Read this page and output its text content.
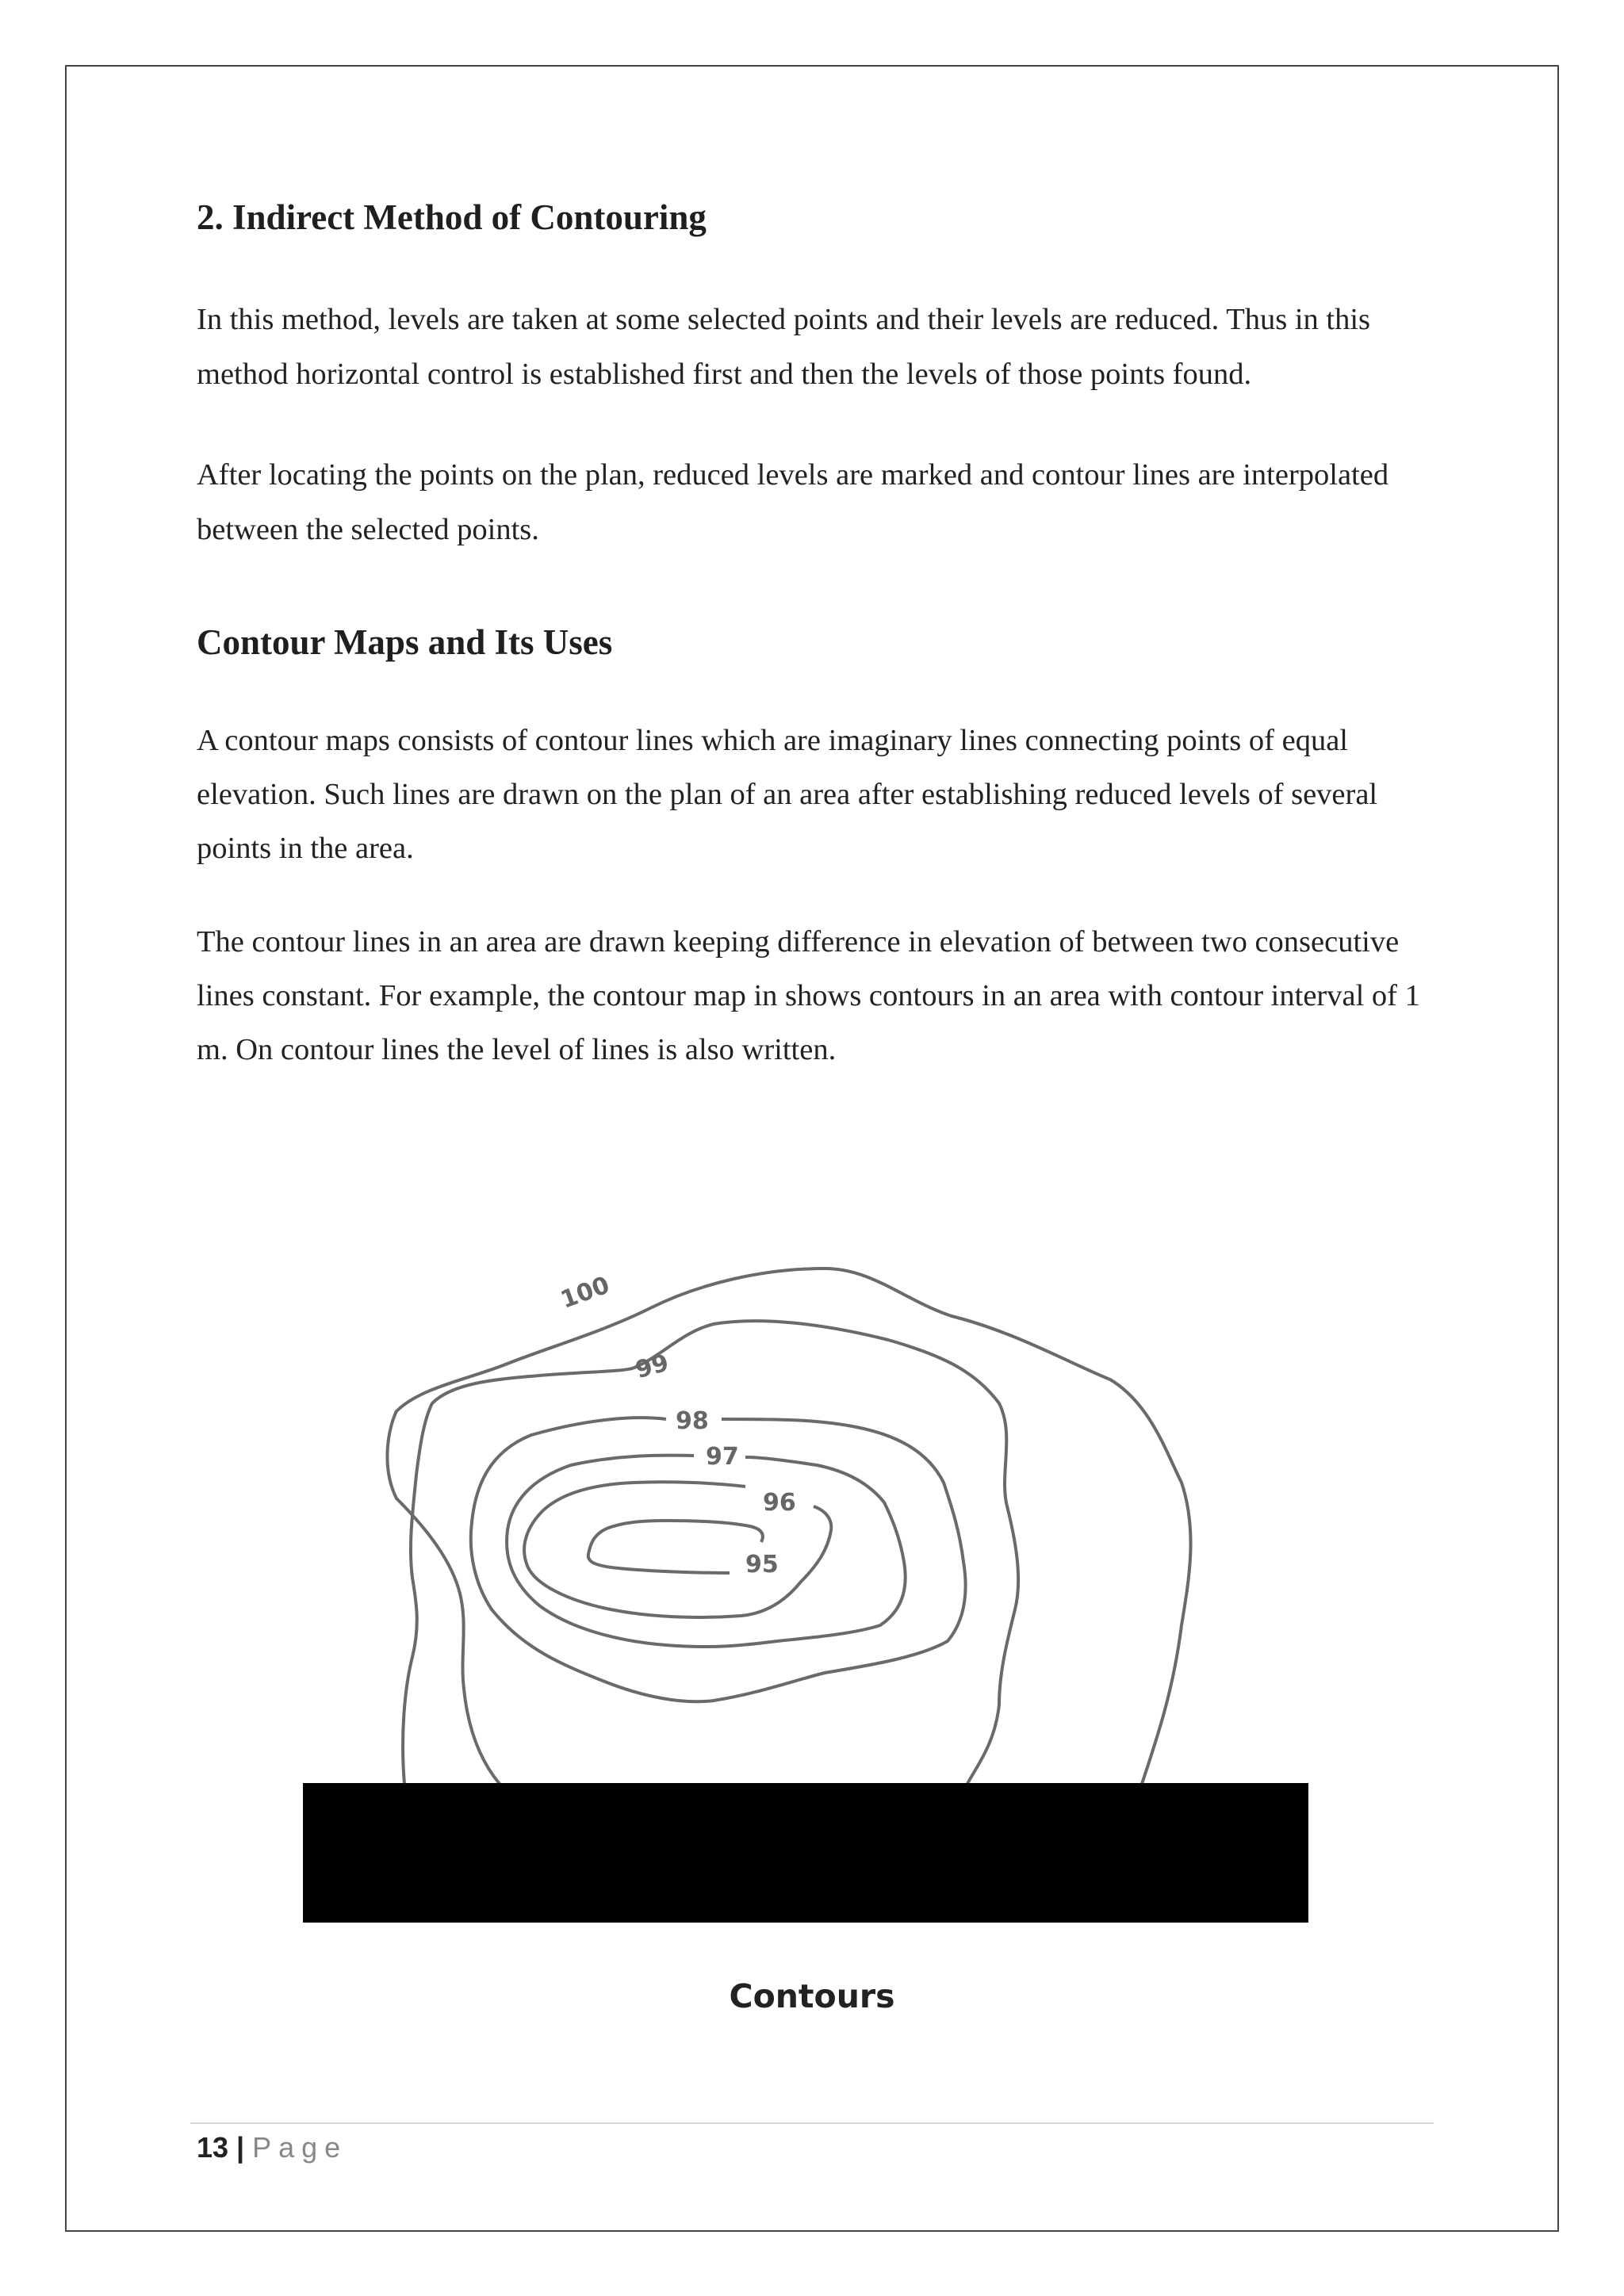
2. Indirect Method of Contouring

In this method, levels are taken at some selected points and their levels are reduced. Thus in this method horizontal control is established first and then the levels of those points found.

After locating the points on the plan, reduced levels are marked and contour lines are interpolated between the selected points.

Contour Maps and Its Uses

A contour maps consists of contour lines which are imaginary lines connecting points of equal elevation. Such lines are drawn on the plan of an area after establishing reduced levels of several points in the area.

The contour lines in an area are drawn keeping difference in elevation of between two consecutive lines constant. For example, the contour map in shows contours in an area with contour interval of 1 m. On contour lines the level of lines is also written.

100
99
98
97
96
95
Contours
13 | Page
